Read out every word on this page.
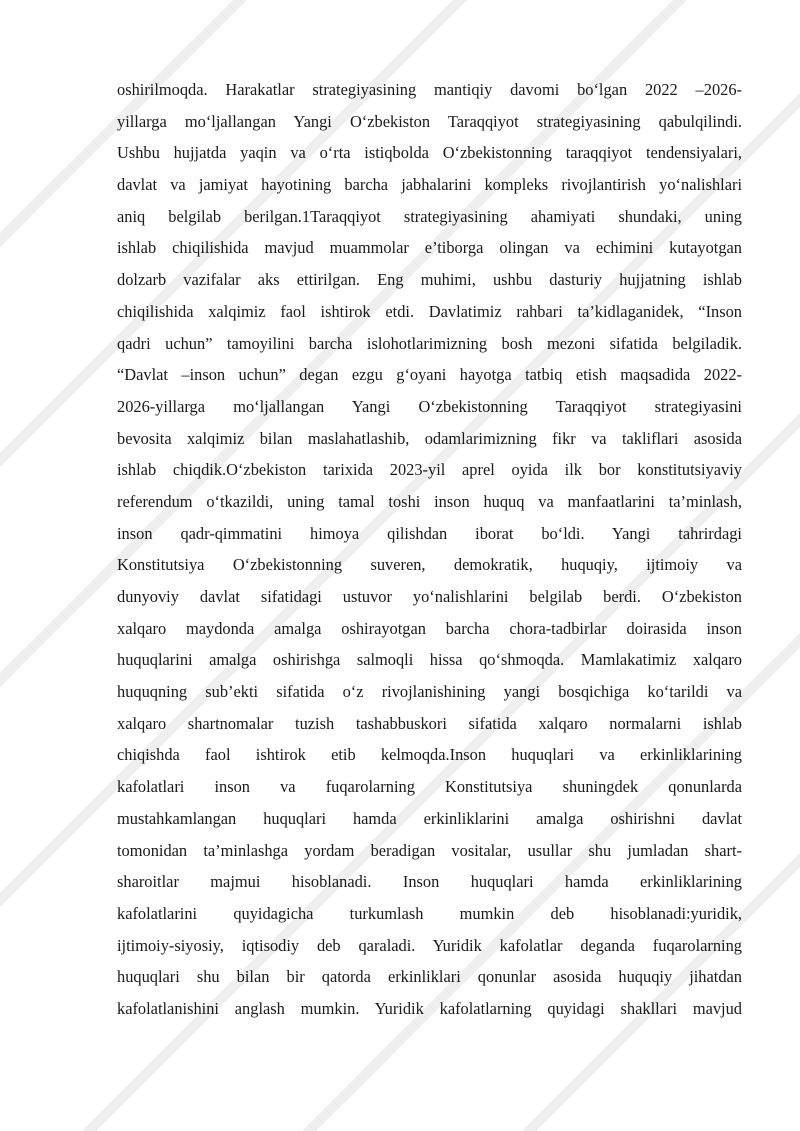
oshirilmoqda. Harakatlar strategiyasining mantiqiy davomi bo‘lgan 2022 –2026-
yillarga mo‘ljallangan Yangi O‘zbekiston Taraqqiyot strategiyasining qabulqilindi.
Ushbu hujjatda yaqin va o‘rta istiqbolda O‘zbekistonning taraqqiyot tendensiyalari,
davlat va jamiyat hayotining barcha jabhalarini kompleks rivojlantirish yo‘nalishlari
aniq belgilab berilgan.1Taraqqiyot strategiyasining ahamiyati shundaki, uning
ishlab chiqilishida mavjud muammolar e’tiborga olingan va echimini kutayotgan
dolzarb vazifalar aks ettirilgan. Eng muhimi, ushbu dasturiy hujjatning ishlab
chiqilishida xalqimiz faol ishtirok etdi. Davlatimiz rahbari ta’kidlaganidek, “Inson
qadri uchun” tamoyilini barcha islohotlarimizning bosh mezoni sifatida belgiladik.
“Davlat –inson uchun” degan ezgu g‘oyani hayotga tatbiq etish maqsadida 2022-
2026-yillarga mo‘ljallangan Yangi O‘zbekistonning Taraqqiyot strategiyasini
bevosita xalqimiz bilan maslahatlashib, odamlarimizning fikr va takliflari asosida
ishlab chiqdik.O‘zbekiston tarixida 2023-yil aprel oyida ilk bor konstitutsiyaviy
referendum o‘tkazildi, uning tamal toshi inson huquq va manfaatlarini ta’minlash,
inson qadr-qimmatini himoya qilishdan iborat bo‘ldi. Yangi tahrirdagi
Konstitutsiya O‘zbekistonning suveren, demokratik, huquqiy, ijtimoiy va
dunyoviy davlat sifatidagi ustuvor yo‘nalishlarini belgilab berdi. O‘zbekiston
xalqaro maydonda amalga oshirayotgan barcha chora-tadbirlar doirasida inson
huquqlarini amalga oshirishga salmoqli hissa qo‘shmoqda. Mamlakatimiz xalqaro
huquqning sub’ekti sifatida o‘z rivojlanishining yangi bosqichiga ko‘tarildi va
xalqaro shartnomalar tuzish tashabbuskori sifatida xalqaro normalarni ishlab
chiqishda faol ishtirok etib kelmoqda.Inson huquqlari va erkinliklarining
kafolatlari inson va fuqarolarning Konstitutsiya shuningdek qonunlarda
mustahkamlangan huquqlari hamda erkinliklarini amalga oshirishni davlat
tomonidan ta’minlashga yordam beradigan vositalar, usullar shu jumladan shart-
sharoitlar majmui hisoblanadi. Inson huquqlari hamda erkinliklarining
kafolatlarini quyidagicha turkumlash mumkin deb hisoblanadi:yuridik,
ijtimoiy-siyosiy, iqtisodiy deb qaraladi. Yuridik kafolatlar deganda fuqarolarning
huquqlari shu bilan bir qatorda erkinliklari qonunlar asosida huquqiy jihatdan
kafolatlanishini anglash mumkin. Yuridik kafolatlarning quyidagi shakllari mavjud
